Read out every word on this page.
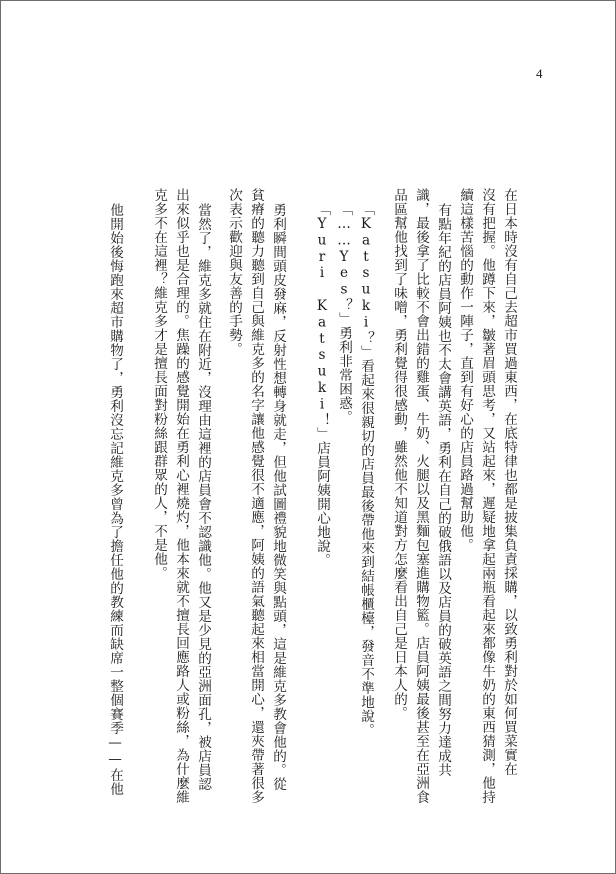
4
在日本時沒有自己去超市買過東西，在底特律也都是披集負責採購，以致勇利對於如何買菜實在
沒有把握。他蹲下來，皺著眉頭思考，又站起來，遲疑地拿起兩瓶看起來都像牛奶的東西猜測，他持
續這樣苦惱的動作一陣子，直到有好心的店員路過幫助他。
有點年紀的店員阿姨也不太會講英語，勇利在自己的破俄語以及店員的破英語之間努力達成共
識，最後拿了比較不會出錯的雞蛋、牛奶、火腿以及黑麵包塞進購物籃。店員阿姨最後甚至在亞洲食
品區幫他找到了味噌，勇利覺得很感動，雖然他不知道對方怎麼看出自己是日本人的。
「Katsuki？」看起來很親切的店員最後帶他來到結帳櫃檯，發音不準地說。
「……Yes？」勇利非常困惑。
「Yuri Katsuki！」店員阿姨開心地說。
勇利瞬間頭皮發麻，反射性想轉身就走，但他試圖禮貌地微笑與點頭，這是維克多教會他的。從
貧瘠的聽力聽到自己與維克多的名字讓他感覺很不適應，阿姨的語氣聽起來相當開心，還夾帶著很多
次表示歡迎與友善的手勢。
當然了，維克多就住在附近，沒理由這裡的店員會不認識他。他又是少見的亞洲面孔，被店員認
出來似乎也是合理的。焦躁的感覺開始在勇利心裡燒灼，他本來就不擅長回應路人或粉絲，為什麼維
克多不在這裡？維克多才是擅長面對粉絲跟群眾的人，不是他。
他開始後悔跑來超市購物了，勇利沒忘記維克多曾為了擔任他的教練而缺席一整個賽季——在他
